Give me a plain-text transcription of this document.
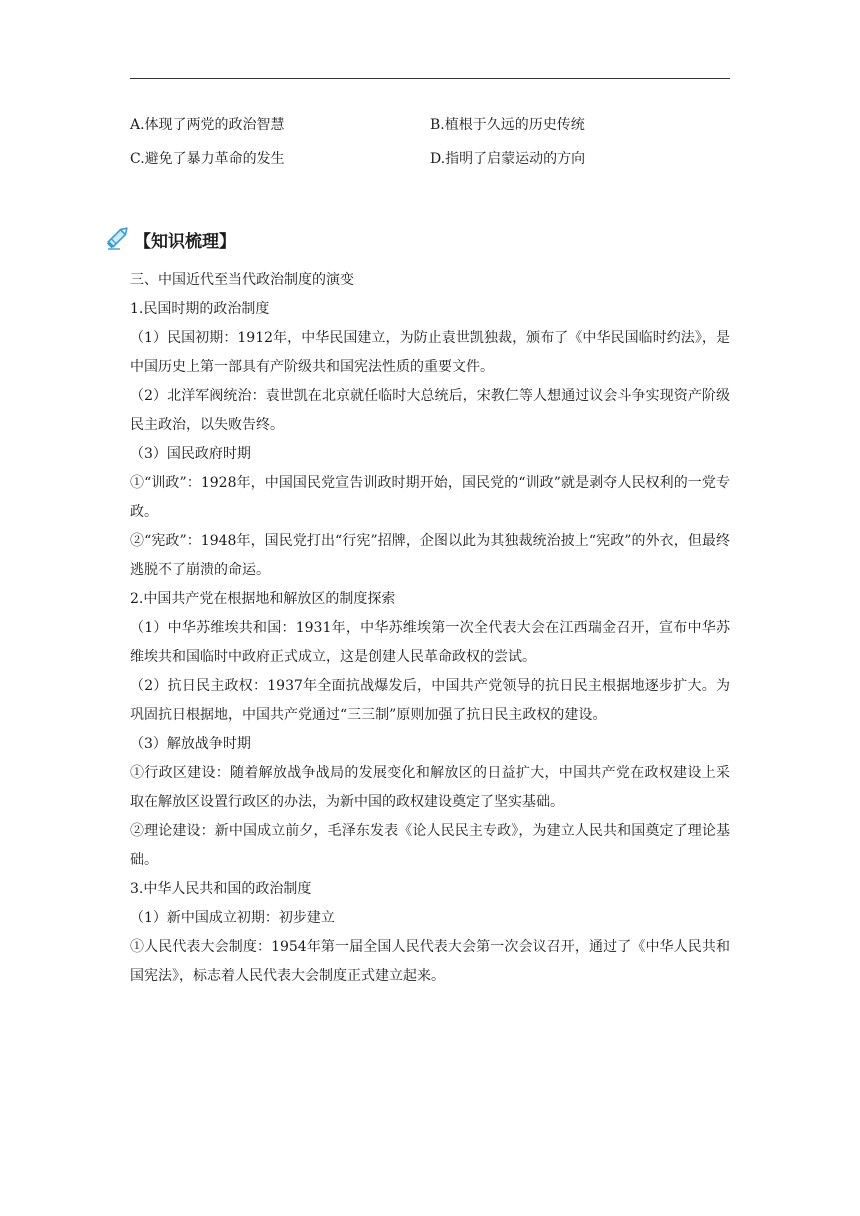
A.体现了两党的政治智慧	B.植根于久远的历史传统
C.避免了暴力革命的发生	D.指明了启蒙运动的方向
【知识梳理】

三、中国近代至当代政治制度的演变

1.民国时期的政治制度

（1）民国初期：1912年，中华民国建立，为防止袁世凯独裁，颁布了《中华民国临时约法》，是中国历史上第一部具有产阶级共和国宪法性质的重要文件。

（2）北洋军阀统治：袁世凯在北京就任临时大总统后，宋教仁等人想通过议会斗争实现资产阶级民主政治，以失败告终。

（3）国民政府时期

①“训政”：1928年，中国国民党宣告训政时期开始，国民党的“训政”就是剥夺人民权利的一党专政。

②“宪政”：1948年，国民党打出“行宪”招牌，企图以此为其独裁统治披上“宪政”的外衣，但最终逃脱不了崩溃的命运。

2.中国共产党在根据地和解放区的制度探索

（1）中华苏维埃共和国：1931年，中华苏维埃第一次全代表大会在江西瑞金召开，宣布中华苏维埃共和国临时中政府正式成立，这是创建人民革命政权的尝试。

（2）抗日民主政权：1937年全面抗战爆发后，中国共产党领导的抗日民主根据地逐步扩大。为巩固抗日根据地，中国共产党通过“三三制”原则加强了抗日民主政权的建设。

（3）解放战争时期

①行政区建设：随着解放战争战局的发展变化和解放区的日益扩大，中国共产党在政权建设上采取在解放区设置行政区的办法，为新中国的政权建设奠定了坚实基础。

②理论建设：新中国成立前夕，毛泽东发表《论人民民主专政》，为建立人民共和国奠定了理论基础。

3.中华人民共和国的政治制度

（1）新中国成立初期：初步建立

①人民代表大会制度：1954年第一届全国人民代表大会第一次会议召开，通过了《中华人民共和国宪法》，标志着人民代表大会制度正式建立起来。
